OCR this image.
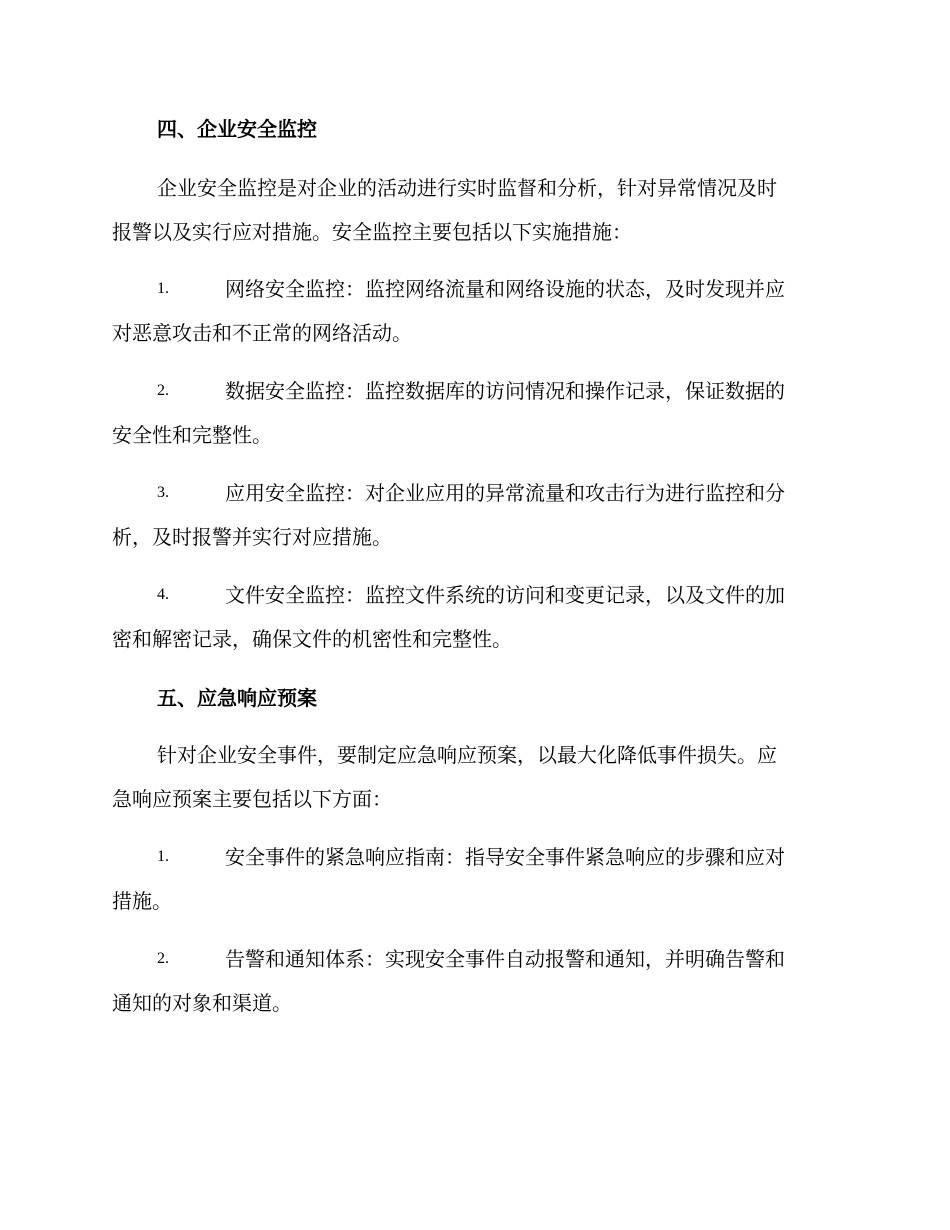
四、企业安全监控
企业安全监控是对企业的活动进行实时监督和分析，针对异常情况及时
报警以及实行应对措施。安全监控主要包括以下实施措施：
1.	网络安全监控：监控网络流量和网络设施的状态，及时发现并应
对恶意攻击和不正常的网络活动。
2.	数据安全监控：监控数据库的访问情况和操作记录，保证数据的
安全性和完整性。
3.	应用安全监控：对企业应用的异常流量和攻击行为进行监控和分
析，及时报警并实行对应措施。
4.	文件安全监控：监控文件系统的访问和变更记录，以及文件的加
密和解密记录，确保文件的机密性和完整性。
五、应急响应预案
针对企业安全事件，要制定应急响应预案，以最大化降低事件损失。应
急响应预案主要包括以下方面：
1.	安全事件的紧急响应指南：指导安全事件紧急响应的步骤和应对
措施。
2.	告警和通知体系：实现安全事件自动报警和通知，并明确告警和
通知的对象和渠道。
